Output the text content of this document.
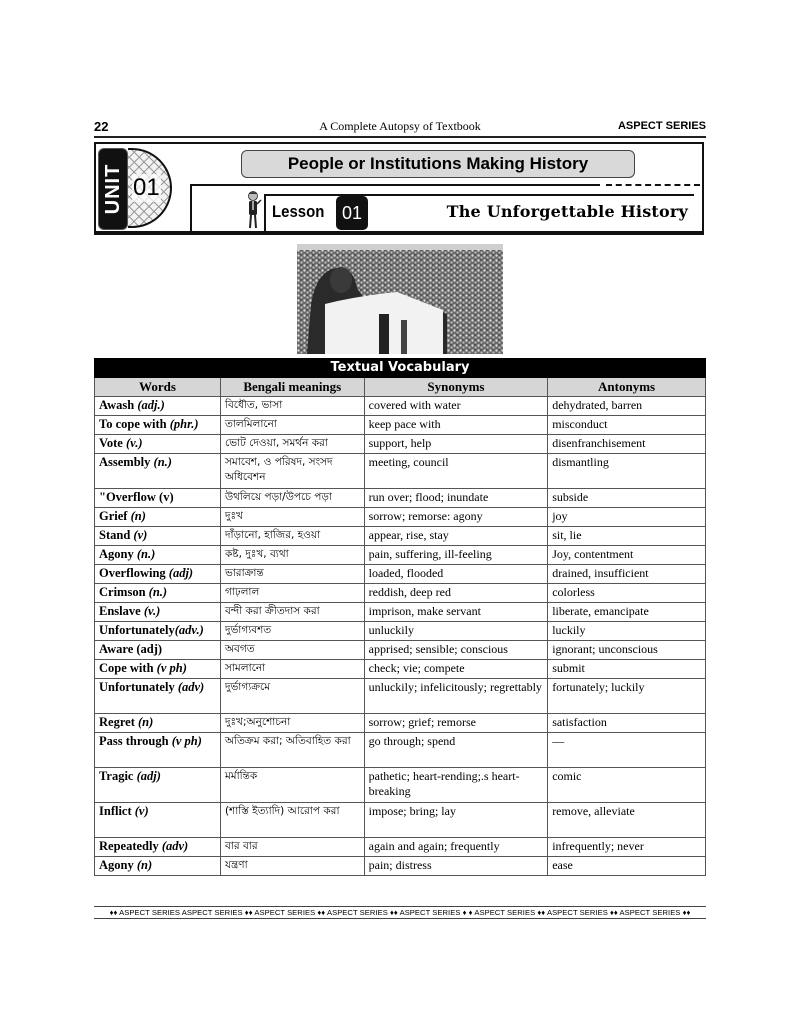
22	A Complete Autopsy of Textbook	ASPECT SERIES
UNIT 01
People or Institutions Making History
Lesson 01	The Unforgettable History
Textual Vocabulary			
Words	Bengali meanings	Synonyms	Antonyms
Awash (adj.)	বিধৌত, ভাসা	covered with water	dehydrated, barren
To cope with (phr.)	তালমিলানো	keep pace with	misconduct
Vote (v.)	ভোট দেওয়া, সমর্থন করা	support, help	disenfranchisement
Assembly (n.)	সমাবেশ, ও পরিষদ, সংসদ অধিবেশন	meeting, council	dismantling
"Overflow (v)	উথলিয়ে পড়া/উপচে পড়া	run over; flood; inundate	subside
Grief (n)	দুঃখ	sorrow; remorse: agony	joy
Stand (v)	দাঁড়ানো, হাজির, হওয়া	appear, rise, stay	sit, lie
Agony (n.)	কষ্ট, দুঃখ, ব্যথা	pain, suffering, ill-feeling	Joy, contentment
Overflowing (adj)	ভারাক্রান্ত	loaded, flooded	drained, insufficient
Crimson (n.)	গাঢ়লাল	reddish, deep red	colorless
Enslave (v.)	বন্দী করা ক্রীতদাস করা	imprison, make servant	liberate, emancipate
Unfortunately(adv.)	দুর্ভাগ্যবশত	unluckily	luckily
Aware (adj)	অবগত	apprised; sensible; conscious	ignorant; unconscious
Cope with (v ph)	সামলানো	check; vie; compete	submit
Unfortunately (adv)	দুর্ভাগ্যক্রমে	unluckily; infelicitously; regrettably	fortunately; luckily
Regret (n)	দুঃখ;অনুশোচনা	sorrow; grief; remorse	satisfaction
Pass through (v ph)	অতিক্রম করা; অতিবাহিত করা	go through; spend	—
Tragic (adj)	মর্মান্তিক	pathetic; heart-rending;.s heart-breaking	comic
Inflict (v)	(শাস্তি ইত্যাদি) আরোপ করা	impose; bring; lay	remove, alleviate
Repeatedly (adv)	বার বার	again and again; frequently	infrequently; never
Agony (n)	যন্ত্রণা	pain; distress	ease
♦♦ ASPECT SERIES ASPECT SERIES ♦♦ ASPECT SERIES ♦♦ ASPECT SERIES ♦♦ ASPECT SERIES ♦ ♦ ASPECT SERIES ♦♦ ASPECT SERIES ♦♦ ASPECT SERIES ♦♦
